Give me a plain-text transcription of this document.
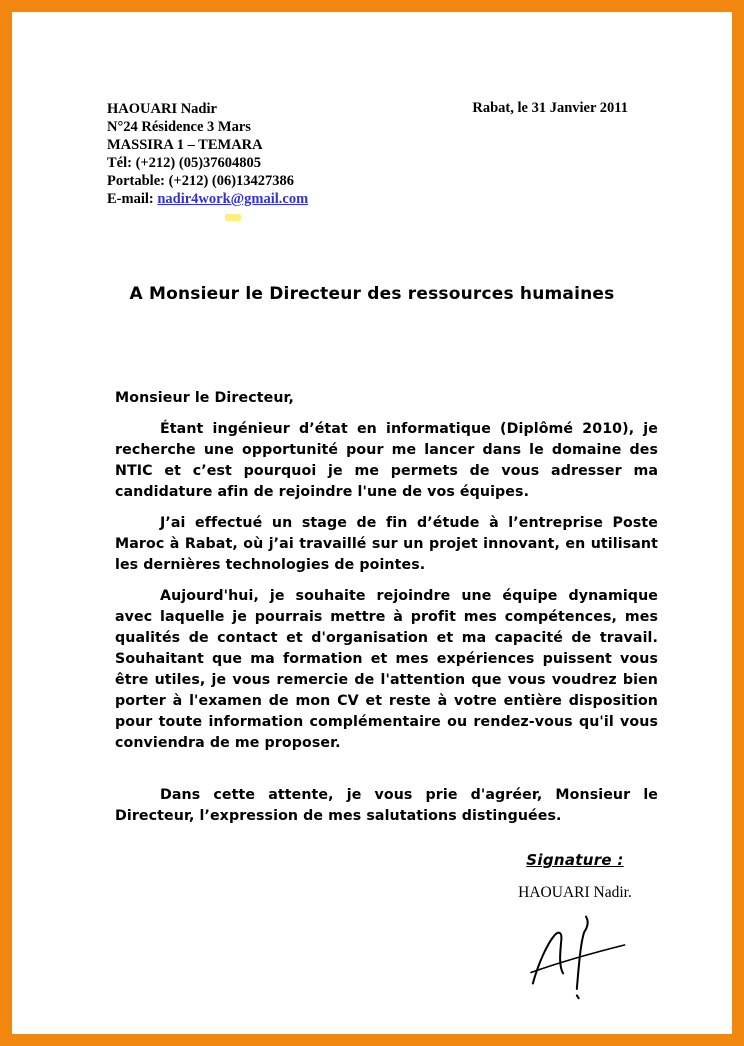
HAOUARI Nadir
N°24 Résidence 3 Mars
MASSIRA 1 – TEMARA
Tél: (+212) (05)37604805
Portable: (+212) (06)13427386
E-mail: nadir4work@gmail.com
Rabat, le 31 Janvier 2011
A Monsieur le Directeur des ressources humaines

Monsieur le Directeur,

Étant ingénieur d’état en informatique (Diplômé 2010), je recherche une opportunité pour me lancer dans le domaine des NTIC et c’est pourquoi je me permets de vous adresser ma candidature afin de rejoindre l'une de vos équipes.

J’ai effectué un stage de fin d’étude à l’entreprise Poste Maroc à Rabat, où j’ai travaillé sur un projet innovant, en utilisant les dernières technologies de pointes.

Aujourd'hui, je souhaite rejoindre une équipe dynamique avec laquelle je pourrais mettre à profit mes compétences, mes qualités de contact et d'organisation et ma capacité de travail. Souhaitant que ma formation et mes expériences puissent vous être utiles, je vous remercie de l'attention que vous voudrez bien porter à l'examen de mon CV et reste à votre entière disposition pour toute information complémentaire ou rendez-vous qu'il vous conviendra de me proposer.

Dans cette attente, je vous prie d'agréer, Monsieur le Directeur, l’expression de mes salutations distinguées.

Signature :
HAOUARI Nadir.
